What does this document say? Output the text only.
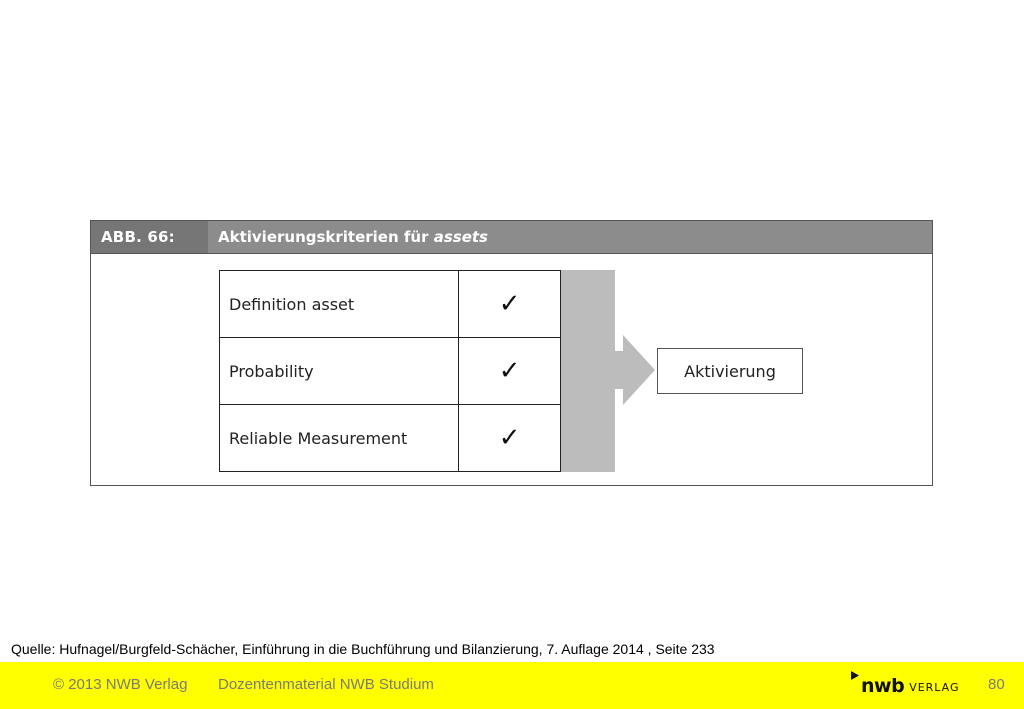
ABB. 66:	Aktivierungskriterien für assets
Definition asset	✓
Probability	✓
Reliable Measurement	✓
Aktivierung
Quelle: Hufnagel/Burgfeld-Schächer, Einführung in die Buchführung und Bilanzierung, 7. Auflage 2014 , Seite 233
© 2013 NWB Verlag Dozentenmaterial NWB Studium	nwb VERLAG 80
